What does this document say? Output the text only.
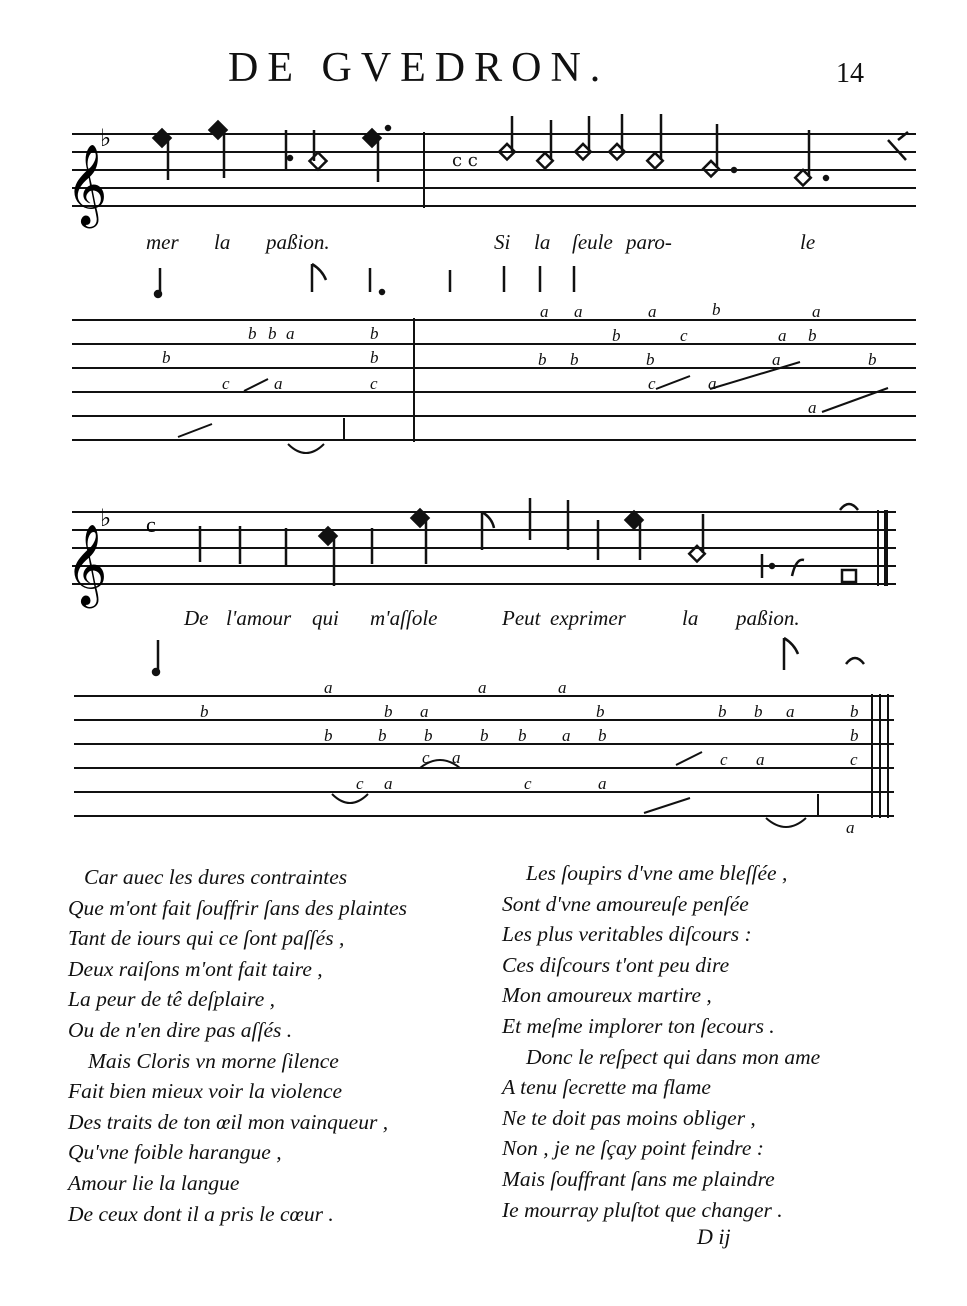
DE GVEDRON.	14
𝄞
♭
c c
𝄞
♭ c
mer la paßion.	Si la ſeule paro-	le
a a	a	b	a
b b a	b	b	c	a b
b	b	b b	b	b
a
c	a	c	c	a
a
De l'amour qui m'aſſole	Peut exprimer	la paßion.
a	a	a
b	b a	b	b b a	b
b	b b	b b a b	b
a
c	c a	c
c a	c	a
a
Car auec les dures contraintes
Que m'ont fait ſouffrir ſans des plaintes
Tant de iours qui ce ſont paſſés ,
Deux raiſons m'ont fait taire ,
La peur de tê deſplaire ,
Ou de n'en dire pas aſſés .
Mais Cloris vn morne ſilence
Fait bien mieux voir la violence
Des traits de ton œil mon vainqueur ,
Qu'vne foible harangue ,
Amour lie la langue
De ceux dont il a pris le cœur .
Les ſoupirs d'vne ame bleſſée ,
Sont d'vne amoureuſe penſée
Les plus veritables diſcours :
Ces diſcours t'ont peu dire
Mon amoureux martire ,
Et meſme implorer ton ſecours .
Donc le reſpect qui dans mon ame
A tenu ſecrette ma flame
Ne te doit pas moins obliger ,
Non , je ne ſçay point feindre :
Mais ſouffrant ſans me plaindre
Ie mourray pluſtot que changer .
D ij
